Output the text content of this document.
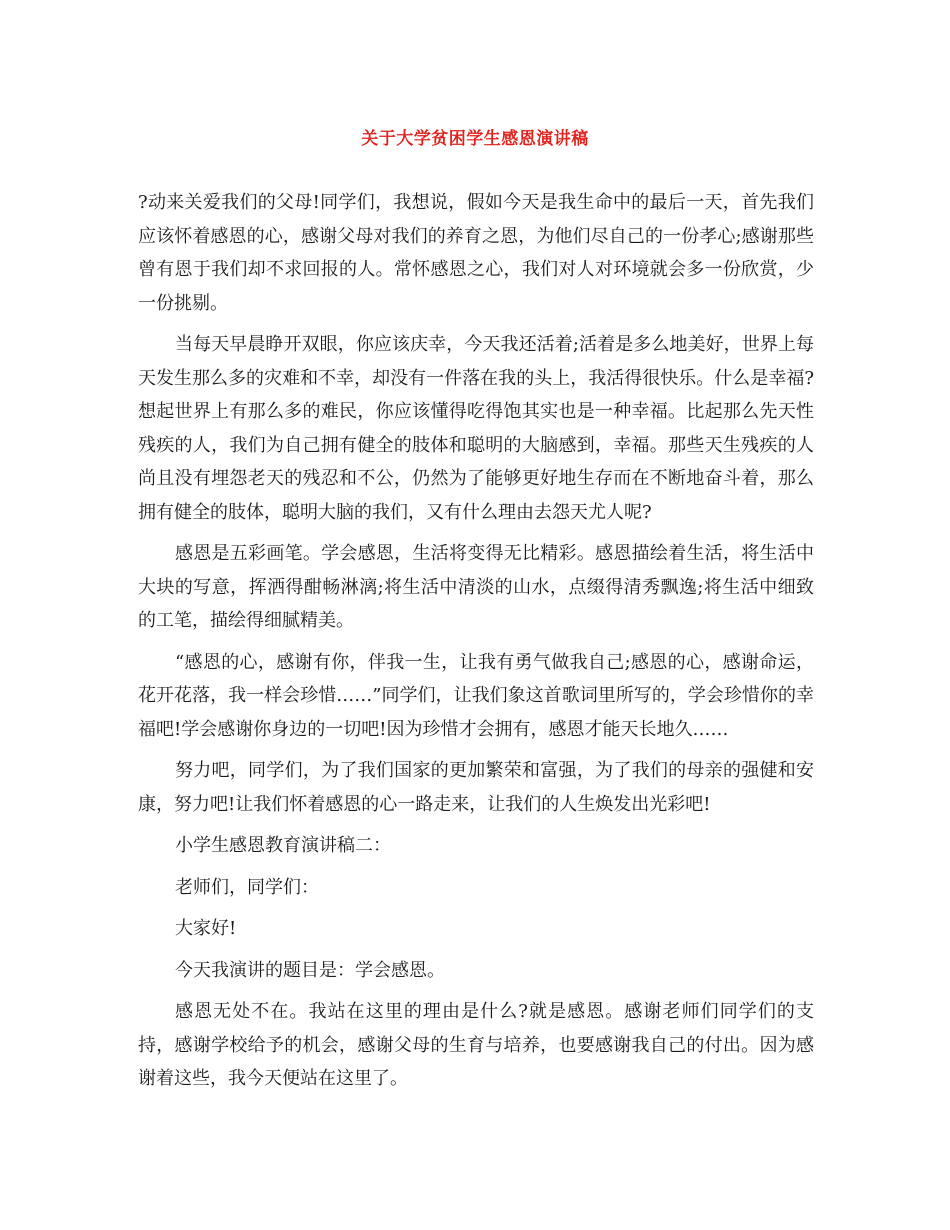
关于大学贫困学生感恩演讲稿

?动来关爱我们的父母!同学们，我想说，假如今天是我生命中的最后一天，首先我们应该怀着感恩的心，感谢父母对我们的养育之恩，为他们尽自己的一份孝心;感谢那些曾有恩于我们却不求回报的人。常怀感恩之心，我们对人对环境就会多一份欣赏，少一份挑剔。

当每天早晨睁开双眼，你应该庆幸，今天我还活着;活着是多么地美好，世界上每天发生那么多的灾难和不幸，却没有一件落在我的头上，我活得很快乐。什么是幸福?想起世界上有那么多的难民，你应该懂得吃得饱其实也是一种幸福。比起那么先天性残疾的人，我们为自己拥有健全的肢体和聪明的大脑感到，幸福。那些天生残疾的人尚且没有埋怨老天的残忍和不公，仍然为了能够更好地生存而在不断地奋斗着，那么拥有健全的肢体，聪明大脑的我们，又有什么理由去怨天尤人呢?

感恩是五彩画笔。学会感恩，生活将变得无比精彩。感恩描绘着生活，将生活中大块的写意，挥洒得酣畅淋漓;将生活中清淡的山水，点缀得清秀飘逸;将生活中细致的工笔，描绘得细腻精美。

“感恩的心，感谢有你，伴我一生，让我有勇气做我自己;感恩的心，感谢命运，花开花落，我一样会珍惜……”同学们，让我们象这首歌词里所写的，学会珍惜你的幸福吧!学会感谢你身边的一切吧!因为珍惜才会拥有，感恩才能天长地久……

努力吧，同学们，为了我们国家的更加繁荣和富强，为了我们的母亲的强健和安康，努力吧!让我们怀着感恩的心一路走来，让我们的人生焕发出光彩吧!

小学生感恩教育演讲稿二：

老师们，同学们：

大家好!

今天我演讲的题目是：学会感恩。

感恩无处不在。我站在这里的理由是什么?就是感恩。感谢老师们同学们的支持，感谢学校给予的机会，感谢父母的生育与培养，也要感谢我自己的付出。因为感谢着这些，我今天便站在这里了。
